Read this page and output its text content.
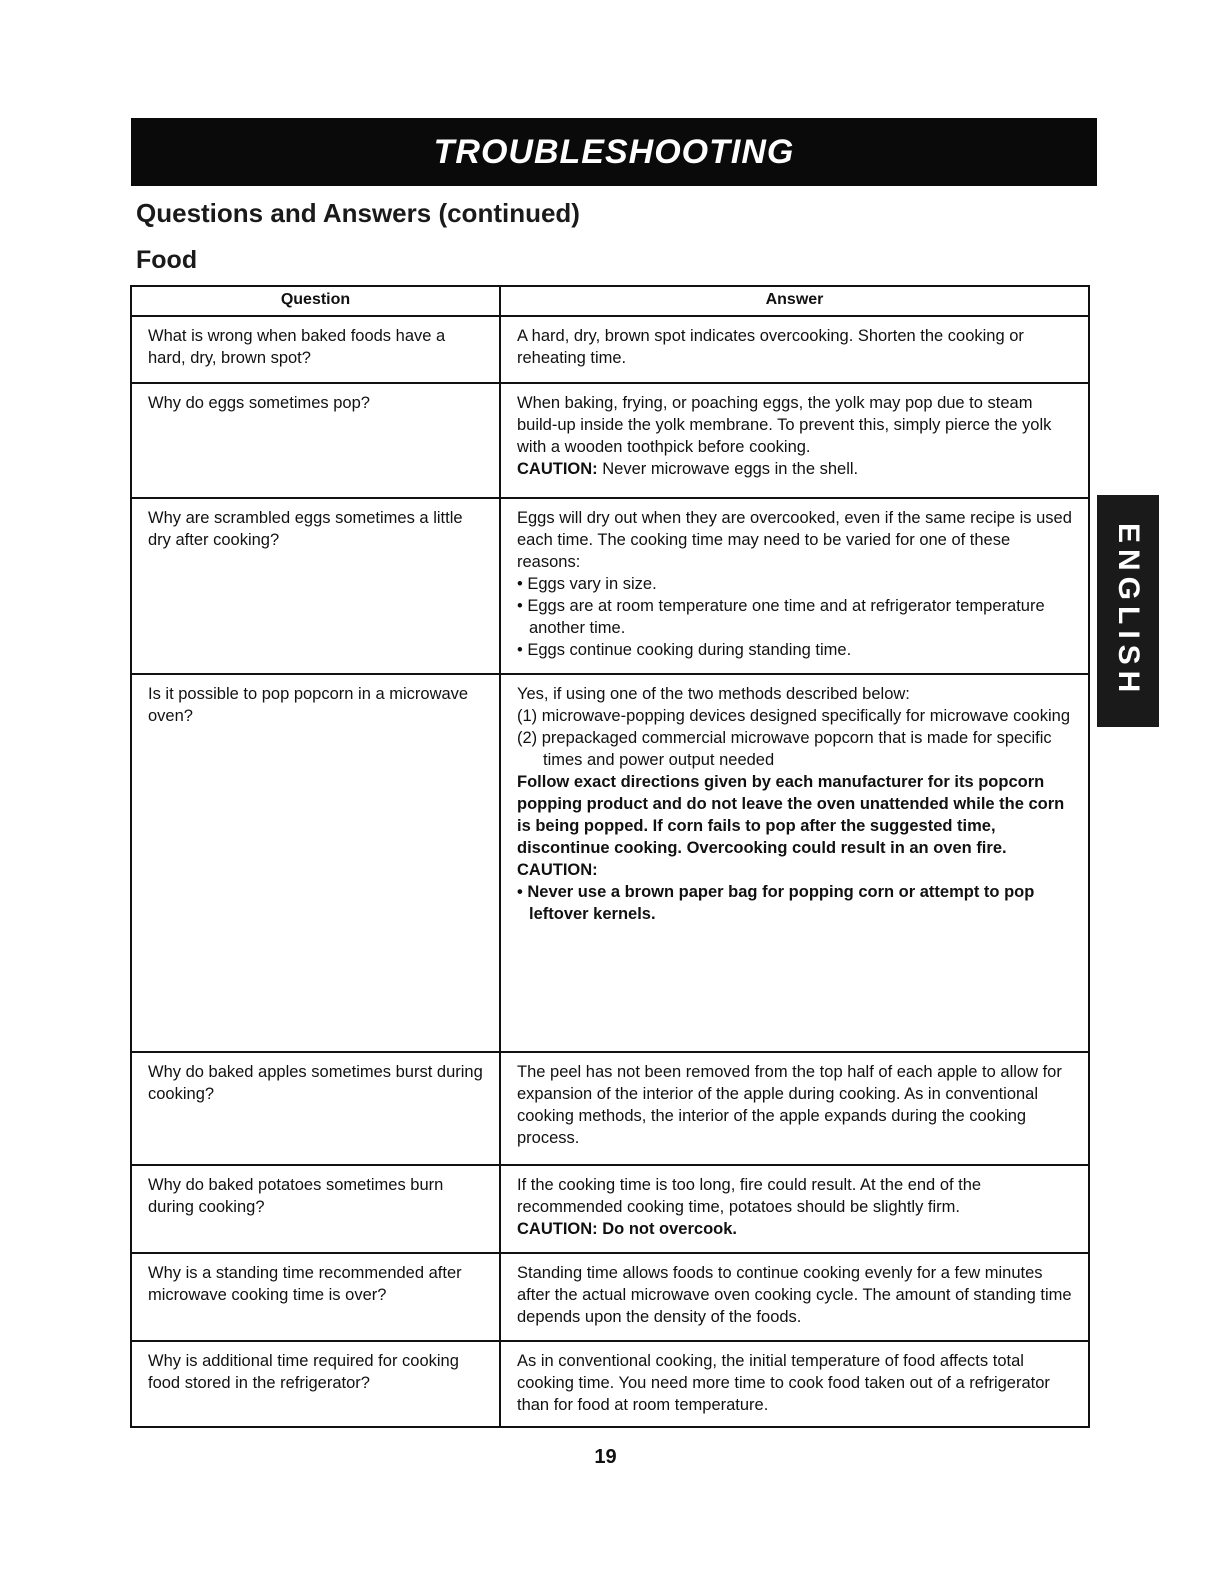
TROUBLESHOOTING
Questions and Answers (continued)
Food
Question	Answer
What is wrong when baked foods have a hard, dry, brown spot?
A hard, dry, brown spot indicates overcooking. Shorten the cooking or reheating time.
Why do eggs sometimes pop?	When baking, frying, or poaching eggs, the yolk may pop due to steam build-up inside the yolk membrane. To prevent this, simply pierce the yolk with a wooden toothpick before cooking.
CAUTION: Never microwave eggs in the shell.
Why are scrambled eggs sometimes a little dry after cooking?
Eggs will dry out when they are overcooked, even if the same recipe is used each time. The cooking time may need to be varied for one of these reasons:
• Eggs vary in size.
• Eggs are at room temperature one time and at refrigerator temperature another time.
• Eggs continue cooking during standing time.
Is it possible to pop popcorn in a microwave oven?
Yes, if using one of the two methods described below:
(1) microwave-popping devices designed specifically for microwave cooking
(2) prepackaged commercial microwave popcorn that is made for specific times and power output needed
Follow exact directions given by each manufacturer for its popcorn popping product and do not leave the oven unattended while the corn is being popped. If corn fails to pop after the suggested time, discontinue cooking. Overcooking could result in an oven fire.
CAUTION:
• Never use a brown paper bag for popping corn or attempt to pop leftover kernels.
Why do baked apples sometimes burst during cooking?
The peel has not been removed from the top half of each apple to allow for expansion of the interior of the apple during cooking. As in conventional cooking methods, the interior of the apple expands during the cooking process.
Why do baked potatoes sometimes burn during cooking?
If the cooking time is too long, fire could result. At the end of the recommended cooking time, potatoes should be slightly firm.
CAUTION: Do not overcook.
Why is a standing time recommended after microwave cooking time is over?
Standing time allows foods to continue cooking evenly for a few minutes after the actual microwave oven cooking cycle. The amount of standing time depends upon the density of the foods.
Why is additional time required for cooking food stored in the refrigerator?
As in conventional cooking, the initial temperature of food affects total cooking time. You need more time to cook food taken out of a refrigerator than for food at room temperature.
ENGLISH
19
